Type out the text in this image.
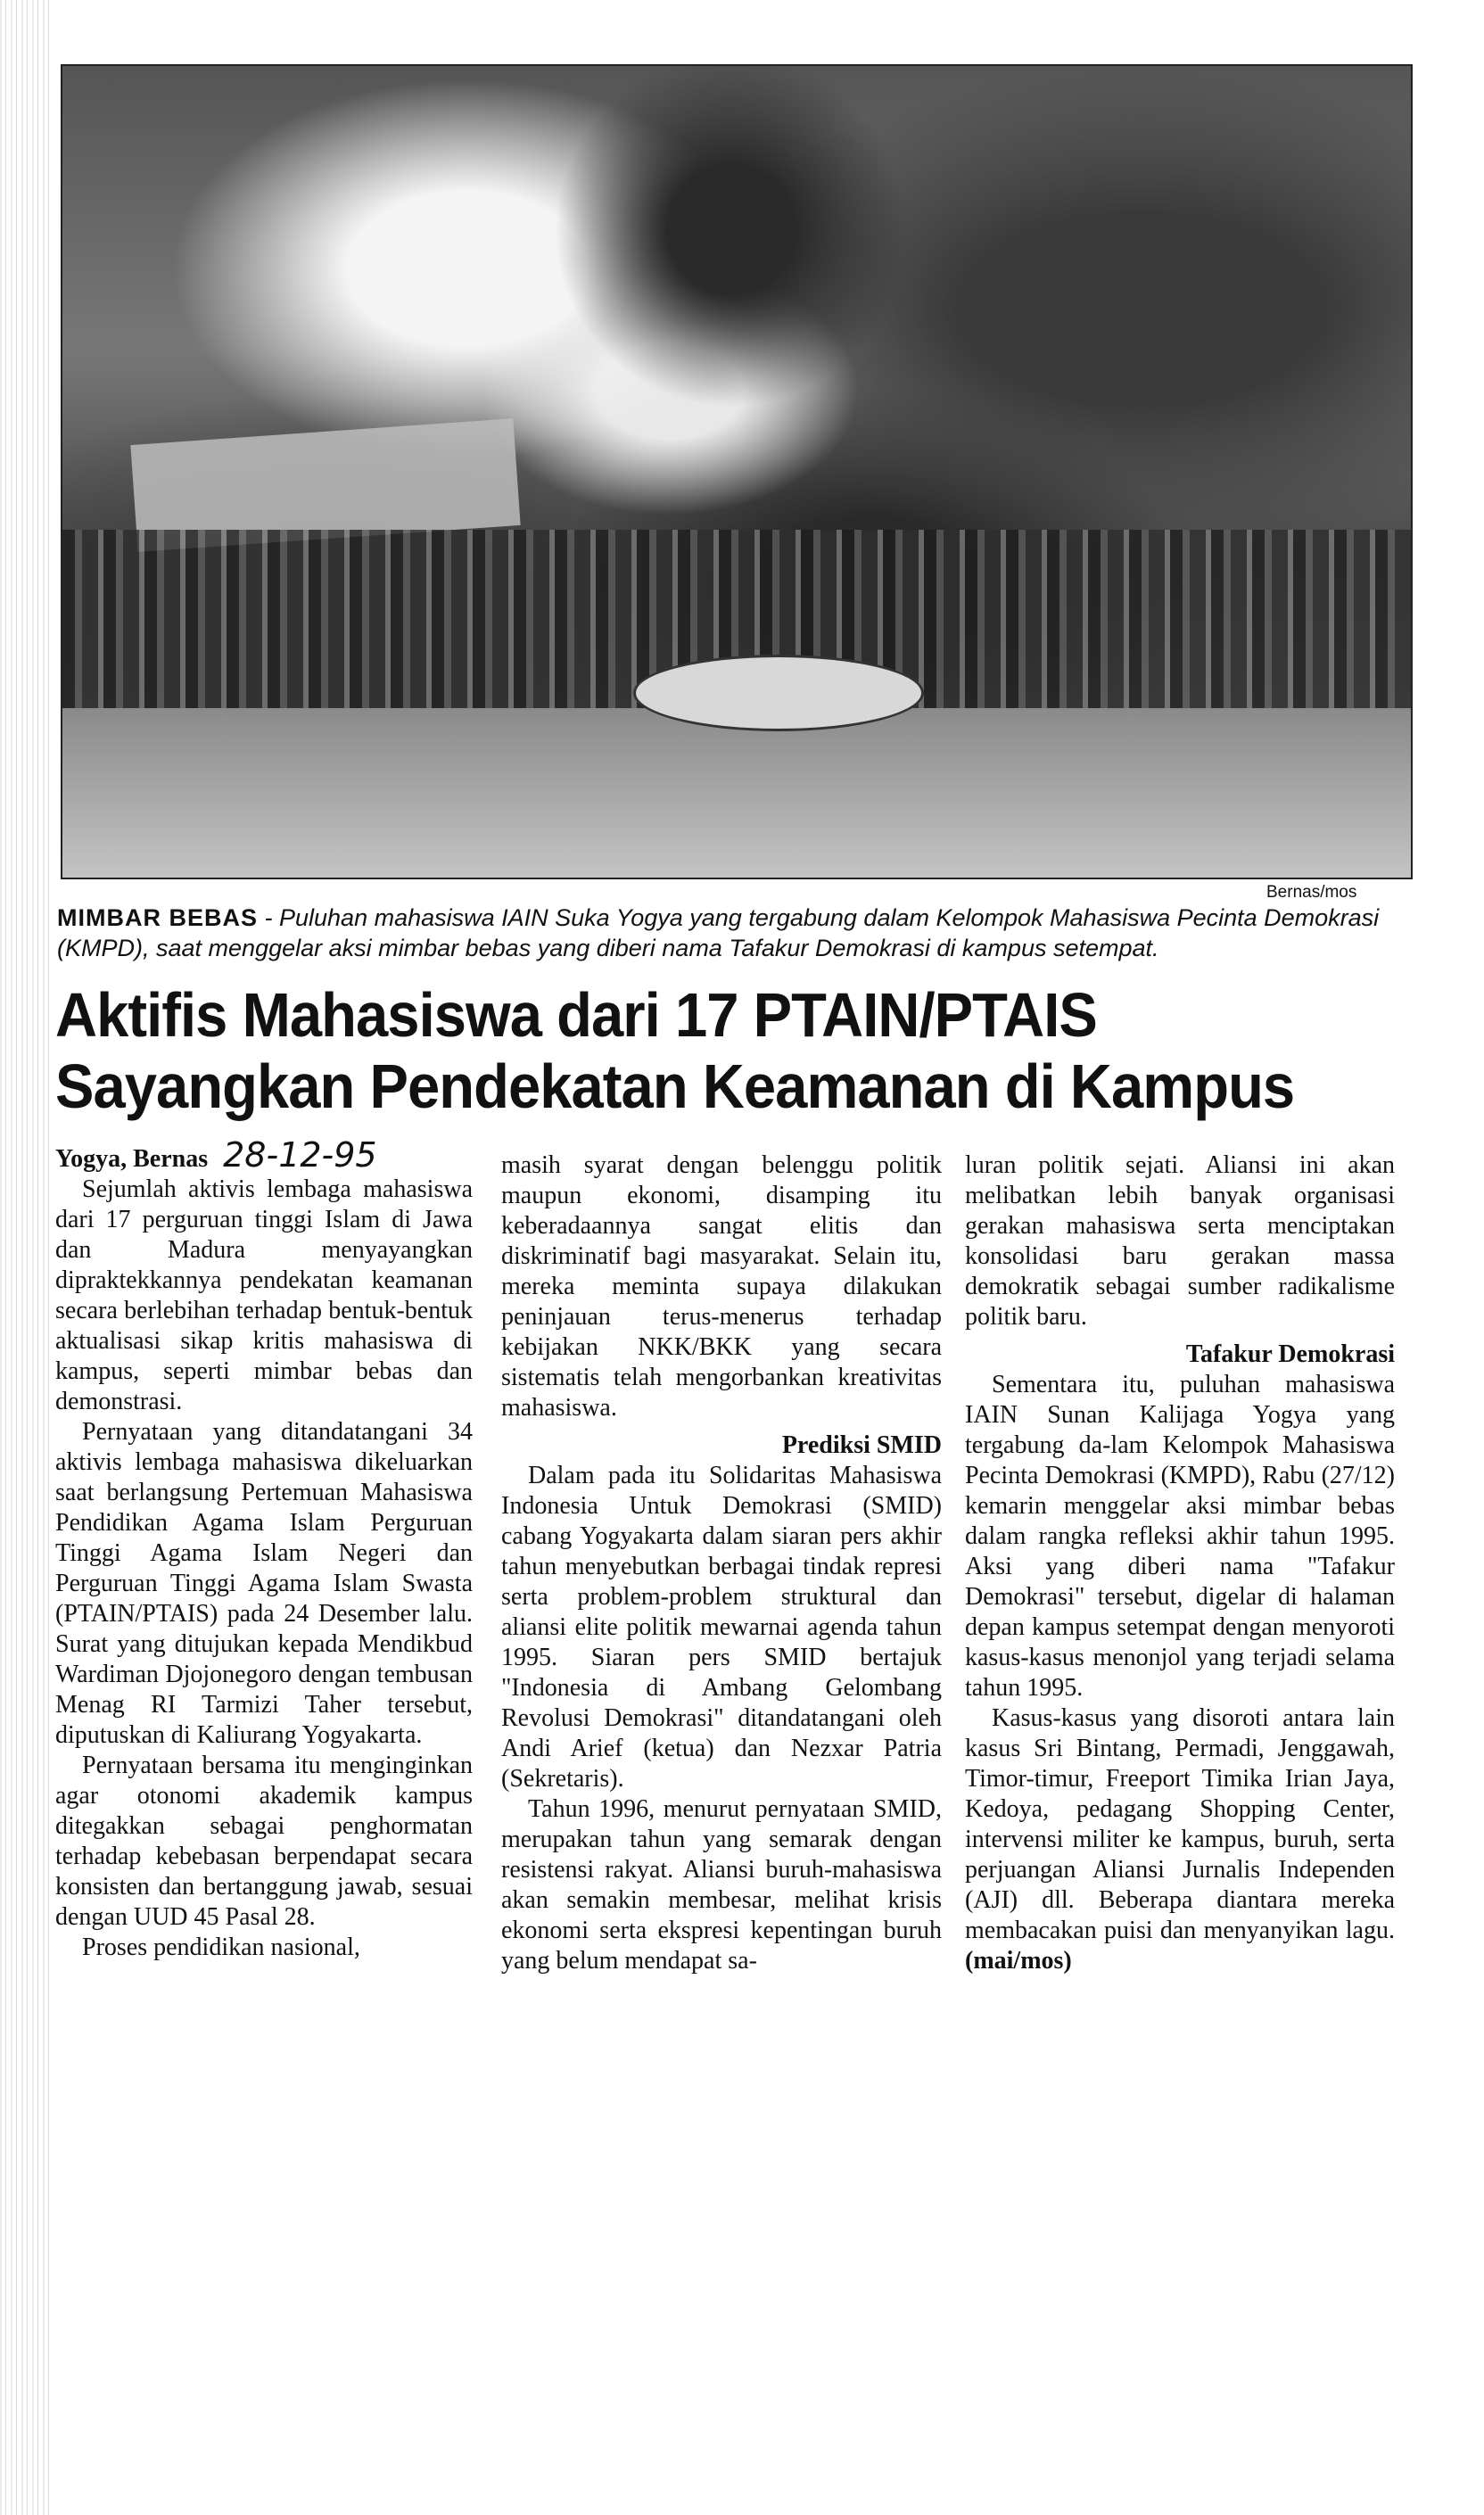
Bernas/mos
MIMBAR BEBAS - Puluhan mahasiswa IAIN Suka Yogya yang tergabung dalam Kelompok Mahasiswa Pecinta Demokrasi (KMPD), saat menggelar aksi mimbar bebas yang diberi nama Tafakur Demokrasi di kampus setempat.
Aktifis Mahasiswa dari 17 PTAIN/PTAIS
Sayangkan Pendekatan Keamanan di Kampus

Yogya, Bernas 28-12-95

Sejumlah aktivis lembaga mahasiswa dari 17 perguruan tinggi Islam di Jawa dan Madura menyayangkan dipraktekkannya pendekatan keamanan secara berlebihan terhadap bentuk-bentuk aktualisasi sikap kritis mahasiswa di kampus, seperti mimbar bebas dan demonstrasi.

Pernyataan yang ditandatangani 34 aktivis lembaga mahasiswa dikeluarkan saat berlangsung Pertemuan Mahasiswa Pendidikan Agama Islam Perguruan Tinggi Agama Islam Negeri dan Perguruan Tinggi Agama Islam Swasta (PTAIN/PTAIS) pada 24 Desember lalu. Surat yang ditujukan kepada Mendikbud Wardiman Djojonegoro dengan tembusan Menag RI Tarmizi Taher tersebut, diputuskan di Kaliurang Yogyakarta.

Pernyataan bersama itu menginginkan agar otonomi akademik kampus ditegakkan sebagai penghormatan terhadap kebebasan berpendapat secara konsisten dan bertanggung jawab, sesuai dengan UUD 45 Pasal 28.

Proses pendidikan nasional,

masih syarat dengan belenggu politik maupun ekonomi, disamping itu keberadaannya sangat elitis dan diskriminatif bagi masyarakat. Selain itu, mereka meminta supaya dilakukan peninjauan terus-menerus terhadap kebijakan NKK/BKK yang secara sistematis telah mengorbankan kreativitas mahasiswa.

Prediksi SMID

Dalam pada itu Solidaritas Mahasiswa Indonesia Untuk Demokrasi (SMID) cabang Yogyakarta dalam siaran pers akhir tahun menyebutkan berbagai tindak represi serta problem-problem struktural dan aliansi elite politik mewarnai agenda tahun 1995. Siaran pers SMID bertajuk "Indonesia di Ambang Gelombang Revolusi Demokrasi" ditandatangani oleh Andi Arief (ketua) dan Nezxar Patria (Sekretaris).

Tahun 1996, menurut pernyataan SMID, merupakan tahun yang semarak dengan resistensi rakyat. Aliansi buruh-mahasiswa akan semakin membesar, melihat krisis ekonomi serta ekspresi kepentingan buruh yang belum mendapat sa-

luran politik sejati. Aliansi ini akan melibatkan lebih banyak organisasi gerakan mahasiswa serta menciptakan konsolidasi baru gerakan massa demokratik sebagai sumber radikalisme politik baru.

Tafakur Demokrasi

Sementara itu, puluhan mahasiswa IAIN Sunan Kalijaga Yogya yang tergabung da-lam Kelompok Mahasiswa Pecinta Demokrasi (KMPD), Rabu (27/12) kemarin menggelar aksi mimbar bebas dalam rangka refleksi akhir tahun 1995. Aksi yang diberi nama "Tafakur Demokrasi" tersebut, digelar di halaman depan kampus setempat dengan menyoroti kasus-kasus menonjol yang terjadi selama tahun 1995.

Kasus-kasus yang disoroti antara lain kasus Sri Bintang, Permadi, Jenggawah, Timor-timur, Freeport Timika Irian Jaya, Kedoya, pedagang Shopping Center, intervensi militer ke kampus, buruh, serta perjuangan Aliansi Jurnalis Independen (AJI) dll. Beberapa diantara mereka membacakan puisi dan menyanyikan lagu. (mai/mos)
